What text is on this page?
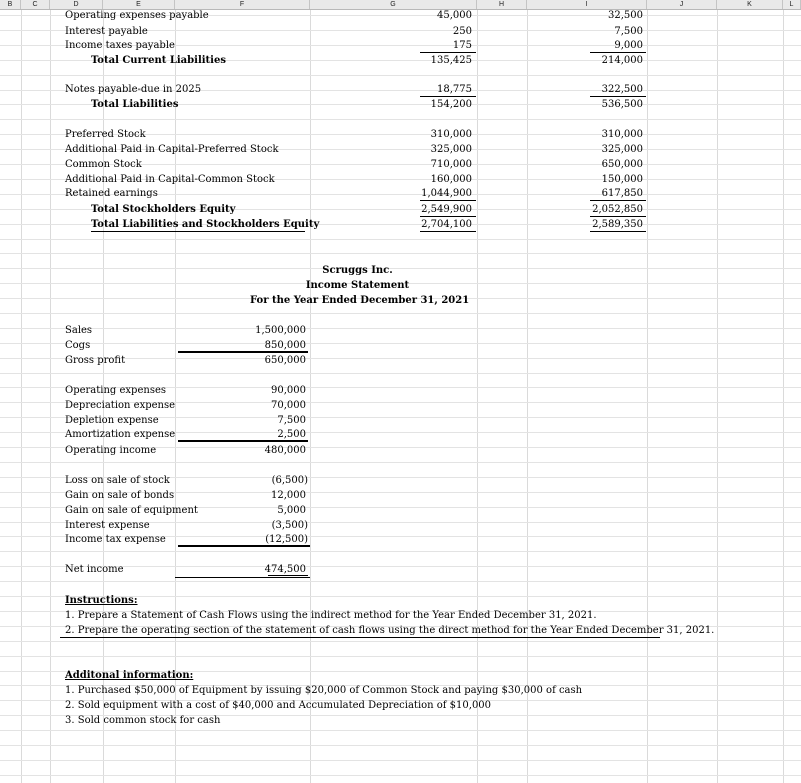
B	C	D	E	F	G	H	I	J	K	L
Operating expenses payable	45,000	32,500
Interest payable	250	7,500
Income taxes payable	175	9,000
Total Current Liabilities	135,425	214,000
Notes payable-due in 2025	18,775	322,500
Total Liabilities	154,200	536,500
Preferred Stock	310,000	310,000
Additional Paid in Capital-Preferred Stock	325,000	325,000
Common Stock	710,000	650,000
Additional Paid in Capital-Common Stock	160,000	150,000
Retained earnings	1,044,900	617,850
Total Stockholders Equity	2,549,900	2,052,850
Total Liabilities and Stockholders Equity	2,704,100	2,589,350
Scruggs Inc.
Income Statement
For the Year Ended December 31, 2021
Sales	1,500,000
Cogs	850,000
Gross profit	650,000
Operating expenses	90,000
Depreciation expense	70,000
Depletion expense	7,500
Amortization expense	2,500
Operating income	480,000
Loss on sale of stock	(6,500)
Gain on sale of bonds	12,000
Gain on sale of equipment	5,000
Interest expense	(3,500)
Income tax expense	(12,500)
Net income	474,500
Instructions:
1. Prepare a Statement of Cash Flows using the indirect method for the Year Ended December 31, 2021.
2. Prepare the operating section of the statement of cash flows using the direct method for the Year Ended December 31, 2021.
Additonal information:
1. Purchased $50,000 of Equipment by issuing $20,000 of Common Stock and paying $30,000 of cash
2. Sold equipment with a cost of $40,000 and Accumulated Depreciation of $10,000
3. Sold common stock for cash
